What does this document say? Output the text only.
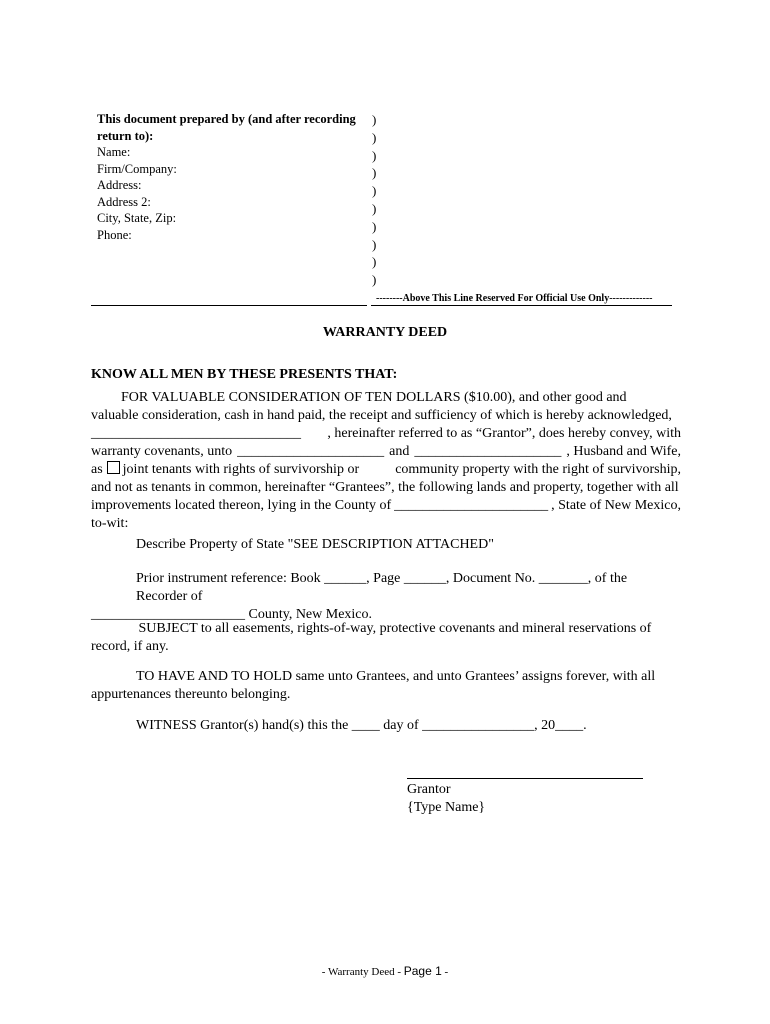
This document prepared by (and after recording
return to):
Name:
Firm/Company:
Address:
Address 2:
City, State, Zip:
Phone:
)
)
)
)
)
)
)
)
)
)
--------Above This Line Reserved For Official Use Only-------------
WARRANTY DEED
KNOW ALL MEN BY THESE PRESENTS THAT:
FOR VALUABLE CONSIDERATION OF TEN DOLLARS ($10.00), and other good and
valuable consideration, cash in hand paid, the receipt and sufficiency of which is hereby acknowledged,
______________________________ , hereinafter referred to as “Grantor”, does hereby convey, with
warranty covenants, unto _____________________ and _____________________ , Husband and Wife,
as joint tenants with rights of survivorship or	community property with the right of survivorship,
and not as tenants in common, hereinafter “Grantees”, the following lands and property, together with all
improvements located thereon, lying in the County of ______________________ , State of New Mexico,
to-wit:
Describe Property of State "SEE DESCRIPTION ATTACHED"
Prior instrument reference: Book ______, Page ______, Document No. _______, of the Recorder of
______________________ County, New Mexico.
SUBJECT to all easements, rights-of-way, protective covenants and mineral reservations of
record, if any.
TO HAVE AND TO HOLD same unto Grantees, and unto Grantees’ assigns forever, with all
appurtenances thereunto belonging.
WITNESS Grantor(s) hand(s) this the ____ day of ________________, 20____.
Grantor
{Type Name}
- Warranty Deed - Page 1 -
